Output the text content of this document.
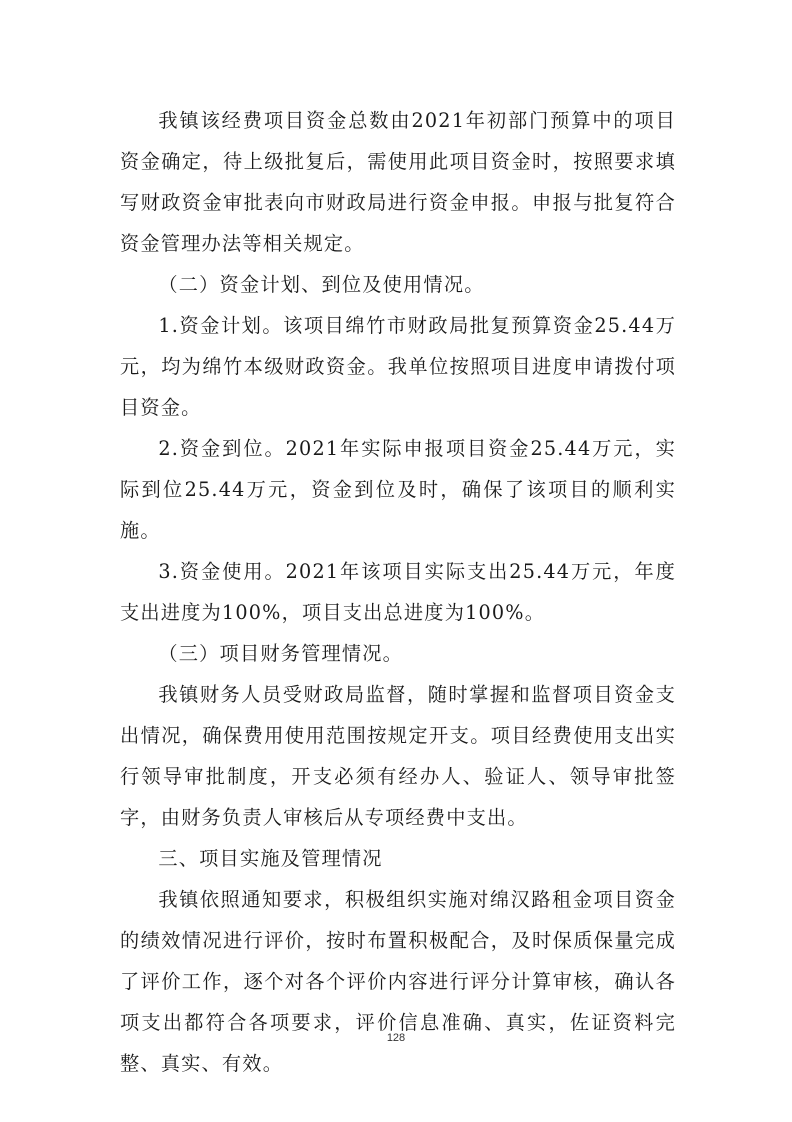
我镇该经费项目资金总数由2021年初部门预算中的项目资金确定，待上级批复后，需使用此项目资金时，按照要求填写财政资金审批表向市财政局进行资金申报。申报与批复符合资金管理办法等相关规定。

（二）资金计划、到位及使用情况。

1.资金计划。该项目绵竹市财政局批复预算资金25.44万元，均为绵竹本级财政资金。我单位按照项目进度申请拨付项目资金。

2.资金到位。2021年实际申报项目资金25.44万元，实际到位25.44万元，资金到位及时，确保了该项目的顺利实施。

3.资金使用。2021年该项目实际支出25.44万元，年度支出进度为100%，项目支出总进度为100%。

（三）项目财务管理情况。

我镇财务人员受财政局监督，随时掌握和监督项目资金支出情况，确保费用使用范围按规定开支。项目经费使用支出实行领导审批制度，开支必须有经办人、验证人、领导审批签字，由财务负责人审核后从专项经费中支出。

三、项目实施及管理情况

我镇依照通知要求，积极组织实施对绵汉路租金项目资金的绩效情况进行评价，按时布置积极配合，及时保质保量完成了评价工作，逐个对各个评价内容进行评分计算审核，确认各项支出都符合各项要求，评价信息准确、真实，佐证资料完整、真实、有效。

128
